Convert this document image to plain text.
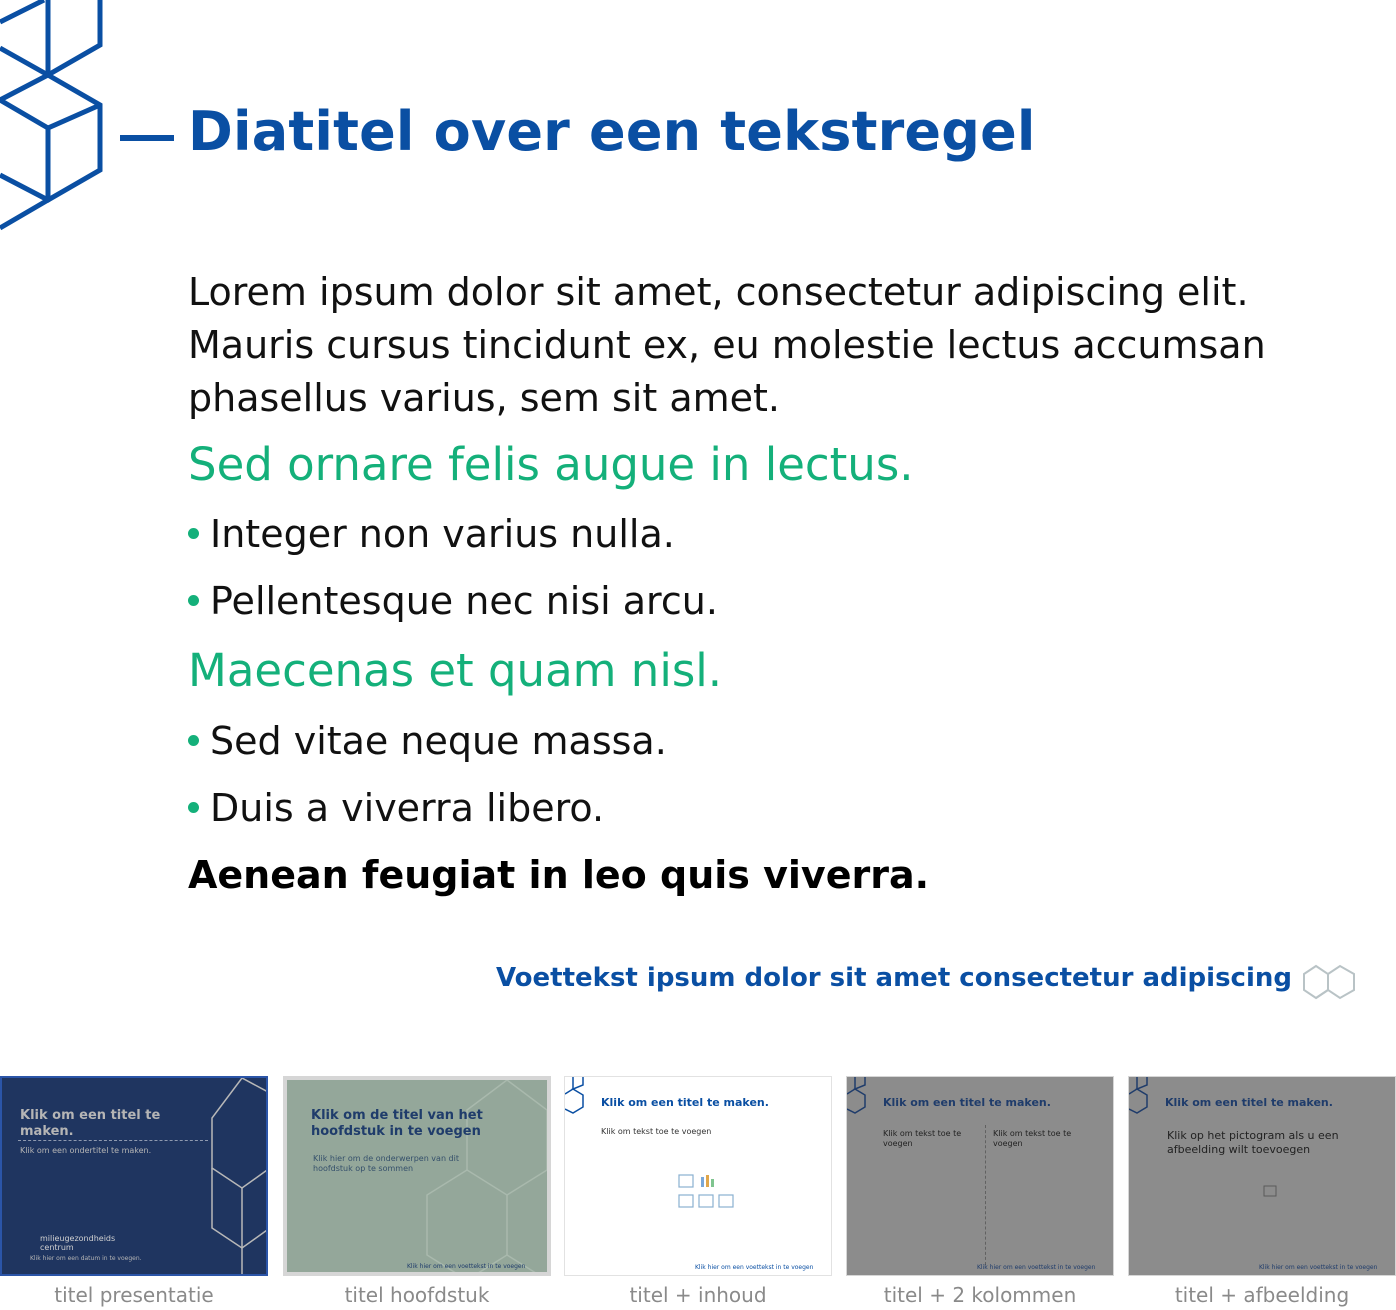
Diatitel over een tekstregel

Lorem ipsum dolor sit amet, consectetur adipiscing elit. Mauris cursus tincidunt ex, eu molestie lectus accumsan phasellus varius, sem sit amet.

Sed ornare felis augue in lectus.

Integer non varius nulla.
Pellentesque nec nisi arcu.

Maecenas et quam nisl.

Sed vitae neque massa.
Duis a viverra libero.

Aenean feugiat in leo quis viverra.

Voettekst ipsum dolor sit amet consectetur adipiscing
Klik om een titel te maken.
Klik om een ondertitel te maken.
milieugezondheids
centrum
Klik hier om een datum in te voegen.
titel presentatie
Klik om de titel van het hoofdstuk in te voegen
Klik hier om de onderwerpen van dit hoofdstuk op te sommen
Klik hier om een voettekst in te voegen
titel hoofdstuk
Klik om een titel te maken.
Klik om tekst toe te voegen
Klik hier om een voettekst in te voegen
titel + inhoud
Klik om een titel te maken.
Klik om tekst toe te voegen
Klik om tekst toe te voegen
Klik hier om een voettekst in te voegen
titel + 2 kolommen
Klik om een titel te maken.
Klik op het pictogram als u een afbeelding wilt toevoegen
Klik hier om een voettekst in te voegen
titel + afbeelding
